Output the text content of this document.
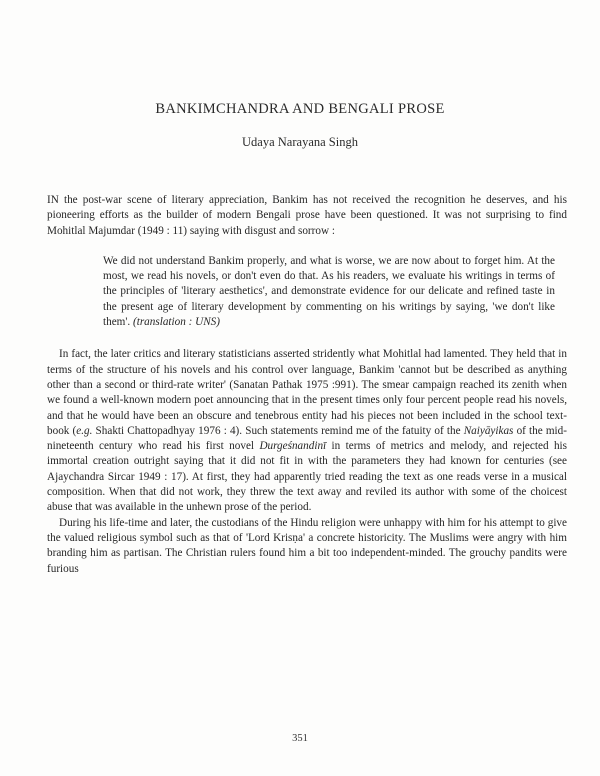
BANKIMCHANDRA AND BENGALI PROSE
Udaya Narayana Singh

IN the post-war scene of literary appreciation, Bankim has not received the recognition he deserves, and his pioneering efforts as the builder of modern Bengali prose have been questioned. It was not surprising to find Mohitlal Majumdar (1949 : 11) saying with disgust and sorrow :

We did not understand Bankim properly, and what is worse, we are now about to forget him. At the most, we read his novels, or don't even do that. As his readers, we evaluate his writings in terms of the principles of 'literary aesthetics', and demonstrate evidence for our delicate and refined taste in the present age of literary development by commenting on his writings by saying, 'we don't like them'. (translation : UNS)

In fact, the later critics and literary statisticians asserted stridently what Mohitlal had lamented. They held that in terms of the structure of his novels and his control over language, Bankim 'cannot but be described as anything other than a second or third-rate writer' (Sanatan Pathak 1975 :991). The smear campaign reached its zenith when we found a well-known modern poet announcing that in the present times only four percent people read his novels, and that he would have been an obscure and tenebrous entity had his pieces not been included in the school text-book (e.g. Shakti Chattopadhyay 1976 : 4). Such statements remind me of the fatuity of the Naiyāyikas of the mid-nineteenth century who read his first novel Durgeśnandinī in terms of metrics and melody, and rejected his immortal creation outright saying that it did not fit in with the parameters they had known for centuries (see Ajaychandra Sircar 1949 : 17). At first, they had apparently tried reading the text as one reads verse in a musical composition. When that did not work, they threw the text away and reviled its author with some of the choicest abuse that was available in the unhewn prose of the period.

During his life-time and later, the custodians of the Hindu religion were unhappy with him for his attempt to give the valued religious symbol such as that of 'Lord Krisṇa' a concrete historicity. The Muslims were angry with him branding him as partisan. The Christian rulers found him a bit too independent-minded. The grouchy pandits were furious

351
